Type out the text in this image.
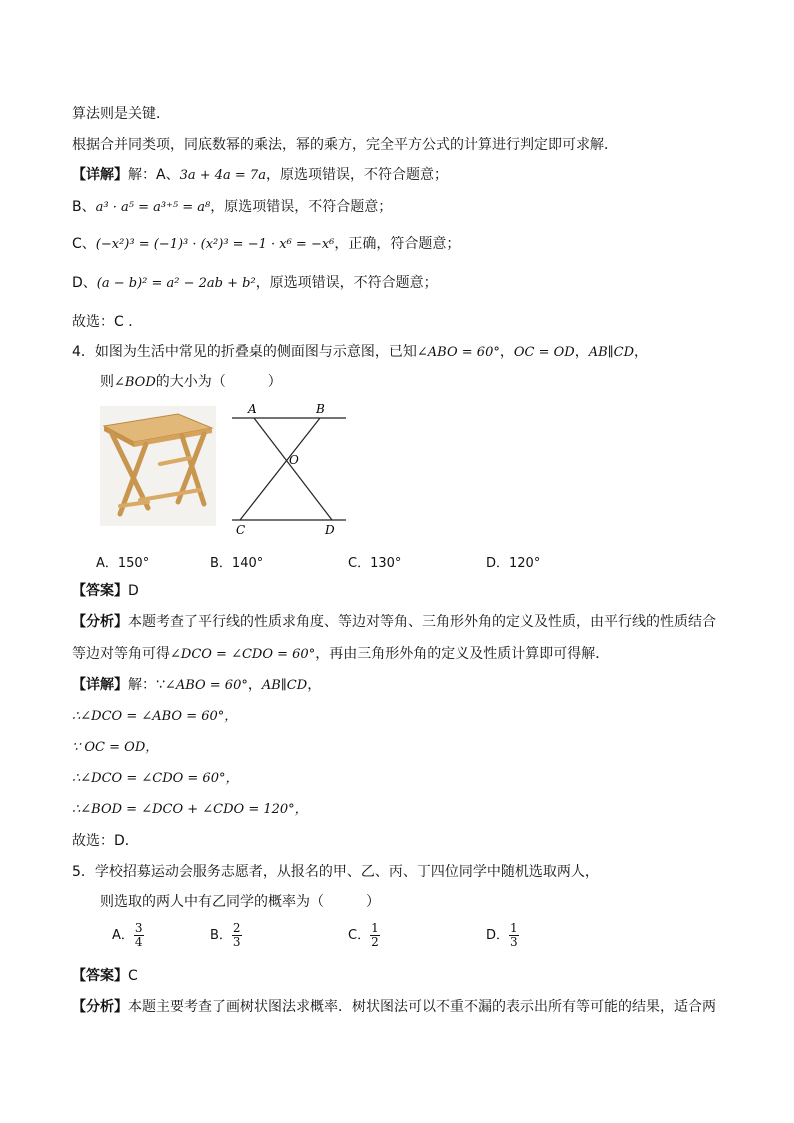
算法则是关键．
根据合并同类项，同底数幂的乘法，幂的乘方，完全平方公式的计算进行判定即可求解．
【详解】解：A、3a + 4a = 7a，原选项错误，不符合题意；
B、a³ · a⁵ = a³⁺⁵ = a⁸，原选项错误，不符合题意；
C、(−x²)³ = (−1)³ · (x²)³ = −1 · x⁶ = −x⁶，正确，符合题意；
D、(a − b)² = a² − 2ab + b²，原选项错误，不符合题意；
故选：C ．
4．如图为生活中常见的折叠桌的侧面图与示意图，已知∠ABO = 60°，OC = OD，AB∥CD，
则∠BOD的大小为（　　　）
A	B
O
C	D
A．150°	B．140°	C．130°	D．120°
【答案】D
【分析】本题考查了平行线的性质求角度、等边对等角、三角形外角的定义及性质，由平行线的性质结合
等边对等角可得∠DCO = ∠CDO = 60°，再由三角形外角的定义及性质计算即可得解．
【详解】解：∵∠ABO = 60°，AB∥CD，
∴∠DCO = ∠ABO = 60°，
∵ OC = OD，
∴∠DCO = ∠CDO = 60°，
∴∠BOD = ∠DCO + ∠CDO = 120°，
故选：D．
5．学校招募运动会服务志愿者，从报名的甲、乙、丙、丁四位同学中随机选取两人，
则选取的两人中有乙同学的概率为（　　　）
A． $\frac{3}{4}$	B． $\frac{2}{3}$	C． $\frac{1}{2}$	D． $\frac{1}{3}$
【答案】C
【分析】本题主要考查了画树状图法求概率．树状图法可以不重不漏的表示出所有等可能的结果，适合两
